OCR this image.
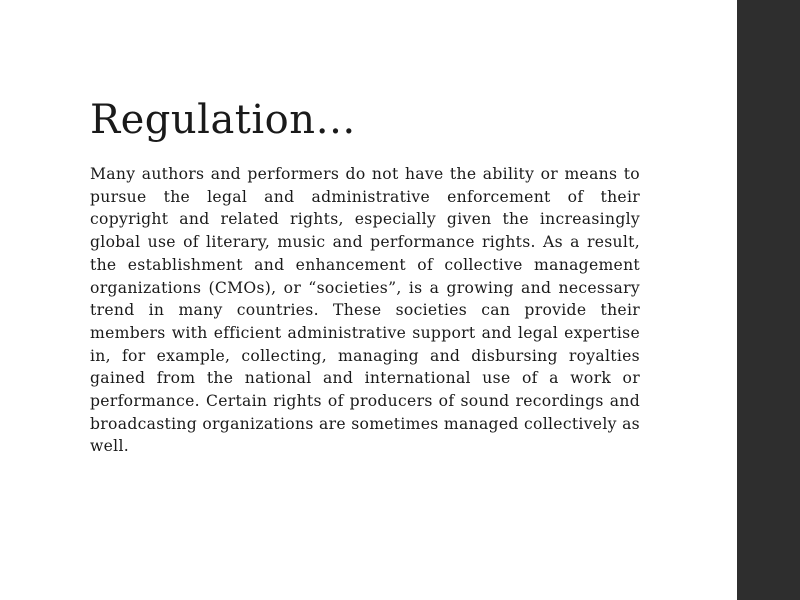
Regulation…

Many authors and performers do not have the ability or means to pursue the legal and administrative enforcement of their copyright and related rights, especially given the increasingly global use of literary, music and performance rights. As a result, the establishment and enhancement of collective management organizations (CMOs), or “societies”, is a growing and necessary trend in many countries. These societies can provide their members with efficient administrative support and legal expertise in, for example, collecting, managing and disbursing royalties gained from the national and international use of a work or performance. Certain rights of producers of sound recordings and broadcasting organizations are sometimes managed collectively as well.
